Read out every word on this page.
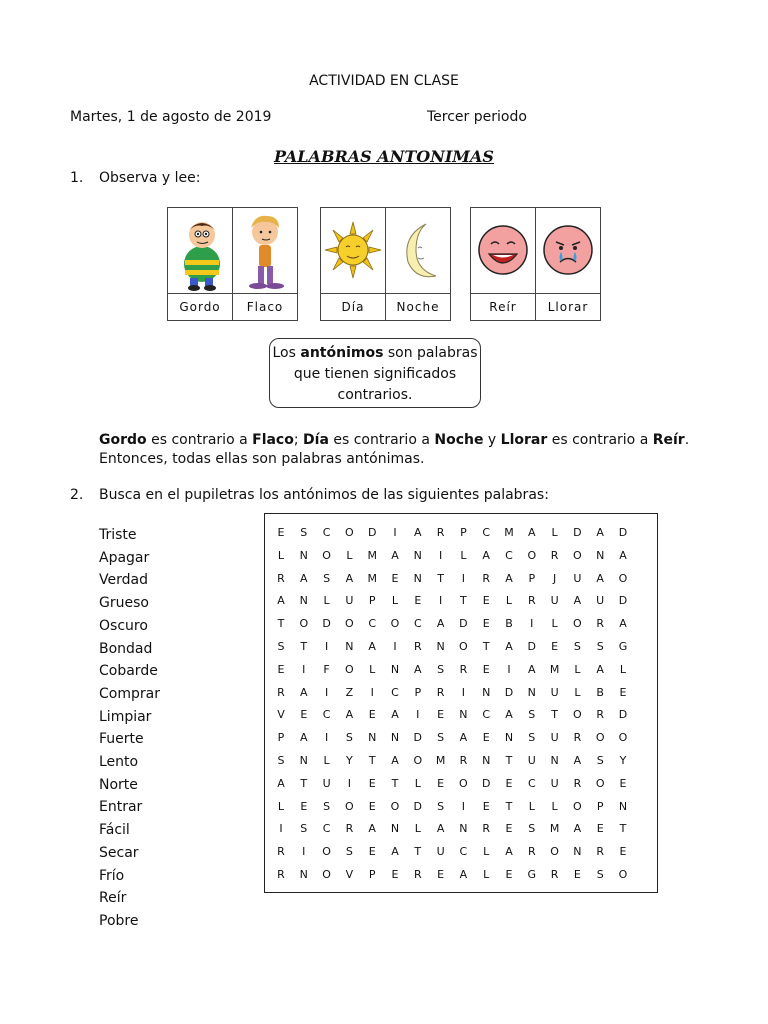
ACTIVIDAD EN CLASE
Martes, 1 de agosto de 2019	Tercer periodo
PALABRAS ANTONIMAS
1. Observa y lee:
Gordo	Flaco	Día	Noche	Reír	Llorar
Los antónimos son palabras que tienen significados contrarios.
Gordo es contrario a Flaco; Día es contrario a Noche y Llorar es contrario a Reír.
Entonces, todas ellas son palabras antónimas.
2. Busca en el pupiletras los antónimos de las siguientes palabras:
Triste
Apagar
Verdad
Grueso
Oscuro
Bondad
Cobarde
Comprar
Limpiar
Fuerte
Lento
Norte
Entrar
Fácil
Secar
Frío
Reír
Pobre
E	S	C	O	D	I	A	R	P	C	M	A	L	D	A	D
L	N	O	L	M	A	N	I	L	A	C	O	R	O	N	A
R	A	S	A	M	E	N	T	I	R	A	P	J	U	A	O
A	N	L	U	P	L	E	I	T	E	L	R	U	A	U	D
T	O	D	O	C	O	C	A	D	E	B	I	L	O	R	A
S	T	I	N	A	I	R	N	O	T	A	D	E	S	S	G
E	I	F	O	L	N	A	S	R	E	I	A	M	L	A	L
R	A	I	Z	I	C	P	R	I	N	D	N	U	L	B	E
V	E	C	A	E	A	I	E	N	C	A	S	T	O	R	D
P	A	I	S	N	N	D	S	A	E	N	S	U	R	O	O
S	N	L	Y	T	A	O	M	R	N	T	U	N	A	S	Y
A	T	U	I	E	T	L	E	O	D	E	C	U	R	O	E
L	E	S	O	E	O	D	S	I	E	T	L	L	O	P	N
I	S	C	R	A	N	L	A	N	R	E	S	M	A	E	T
R	I	O	S	E	A	T	U	C	L	A	R	O	N	R	E
R	N	O	V	P	E	R	E	A	L	E	G	R	E	S	O
